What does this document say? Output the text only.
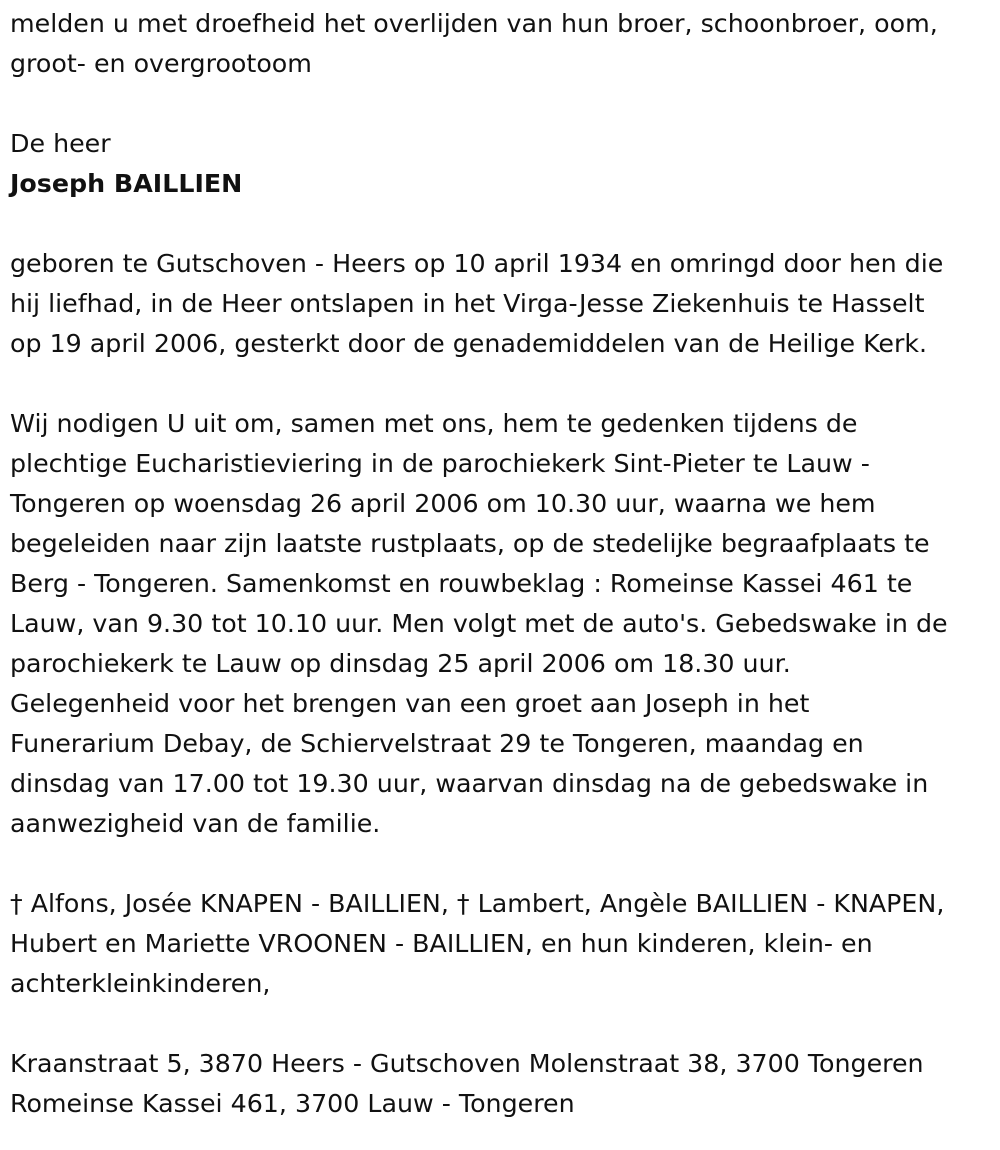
melden u met droefheid het overlijden van hun broer, schoonbroer, oom,
groot- en overgrootoom

De heer
Joseph BAILLIEN

geboren te Gutschoven - Heers op 10 april 1934 en omringd door hen die
hij liefhad, in de Heer ontslapen in het Virga-Jesse Ziekenhuis te Hasselt
op 19 april 2006, gesterkt door de genademiddelen van de Heilige Kerk.

Wij nodigen U uit om, samen met ons, hem te gedenken tijdens de
plechtige Eucharistieviering in de parochiekerk Sint-Pieter te Lauw -
Tongeren op woensdag 26 april 2006 om 10.30 uur, waarna we hem
begeleiden naar zijn laatste rustplaats, op de stedelijke begraafplaats te
Berg - Tongeren. Samenkomst en rouwbeklag : Romeinse Kassei 461 te
Lauw, van 9.30 tot 10.10 uur. Men volgt met de auto's. Gebedswake in de
parochiekerk te Lauw op dinsdag 25 april 2006 om 18.30 uur.
Gelegenheid voor het brengen van een groet aan Joseph in het
Funerarium Debay, de Schiervelstraat 29 te Tongeren, maandag en
dinsdag van 17.00 tot 19.30 uur, waarvan dinsdag na de gebedswake in
aanwezigheid van de familie.

† Alfons, Josée KNAPEN - BAILLIEN, † Lambert, Angèle BAILLIEN - KNAPEN,
Hubert en Mariette VROONEN - BAILLIEN, en hun kinderen, klein- en
achterkleinkinderen,

Kraanstraat 5, 3870 Heers - Gutschoven Molenstraat 38, 3700 Tongeren
Romeinse Kassei 461, 3700 Lauw - Tongeren
